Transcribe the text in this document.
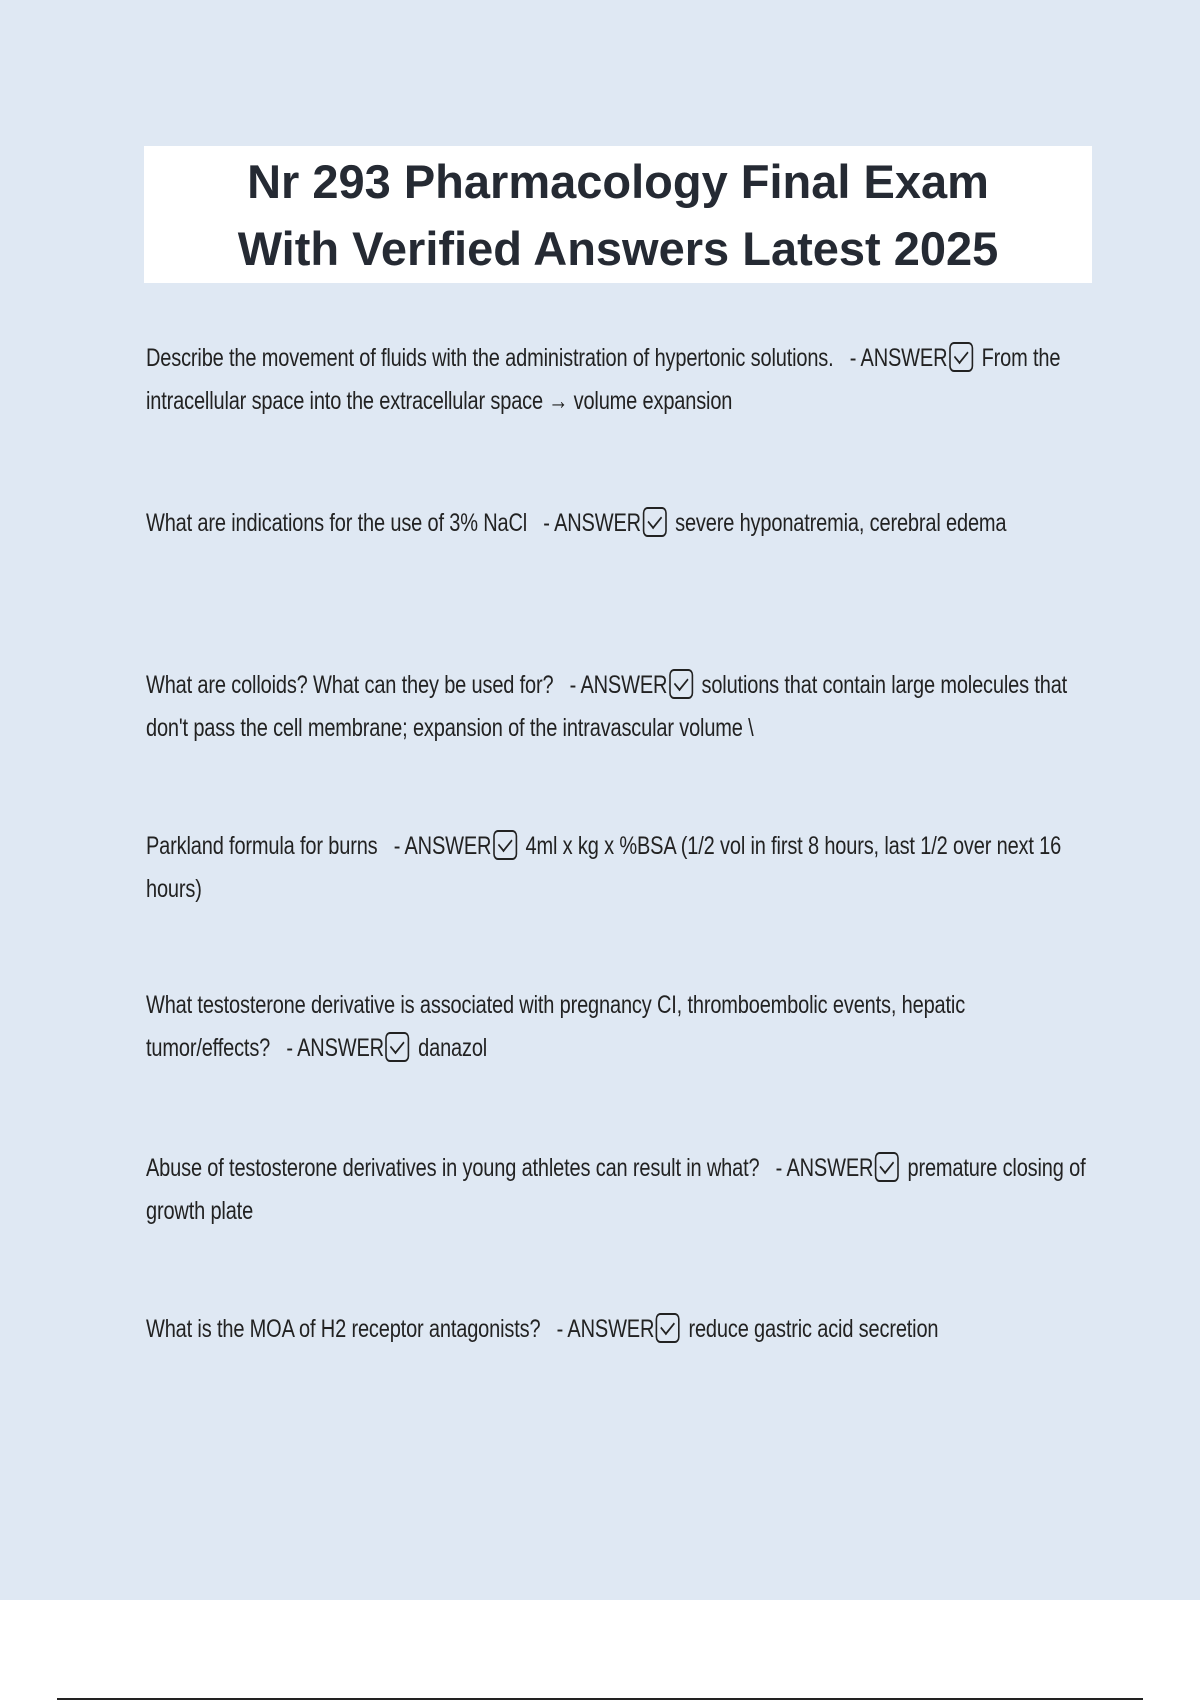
Nr 293 Pharmacology Final Exam
With Verified Answers Latest 2025
Describe the movement of fluids with the administration of hypertonic solutions. - ANSWER From the intracellular space into the extracellular space → volume expansion
What are indications for the use of 3% NaCl - ANSWER severe hyponatremia, cerebral edema
What are colloids? What can they be used for? - ANSWER solutions that contain large molecules that don't pass the cell membrane; expansion of the intravascular volume \
Parkland formula for burns - ANSWER 4ml x kg x %BSA (1/2 vol in first 8 hours, last 1/2 over next 16 hours)
What testosterone derivative is associated with pregnancy CI, thromboembolic events, hepatic tumor/effects? - ANSWER danazol
Abuse of testosterone derivatives in young athletes can result in what? - ANSWER premature closing of growth plate
What is the MOA of H2 receptor antagonists? - ANSWER reduce gastric acid secretion
